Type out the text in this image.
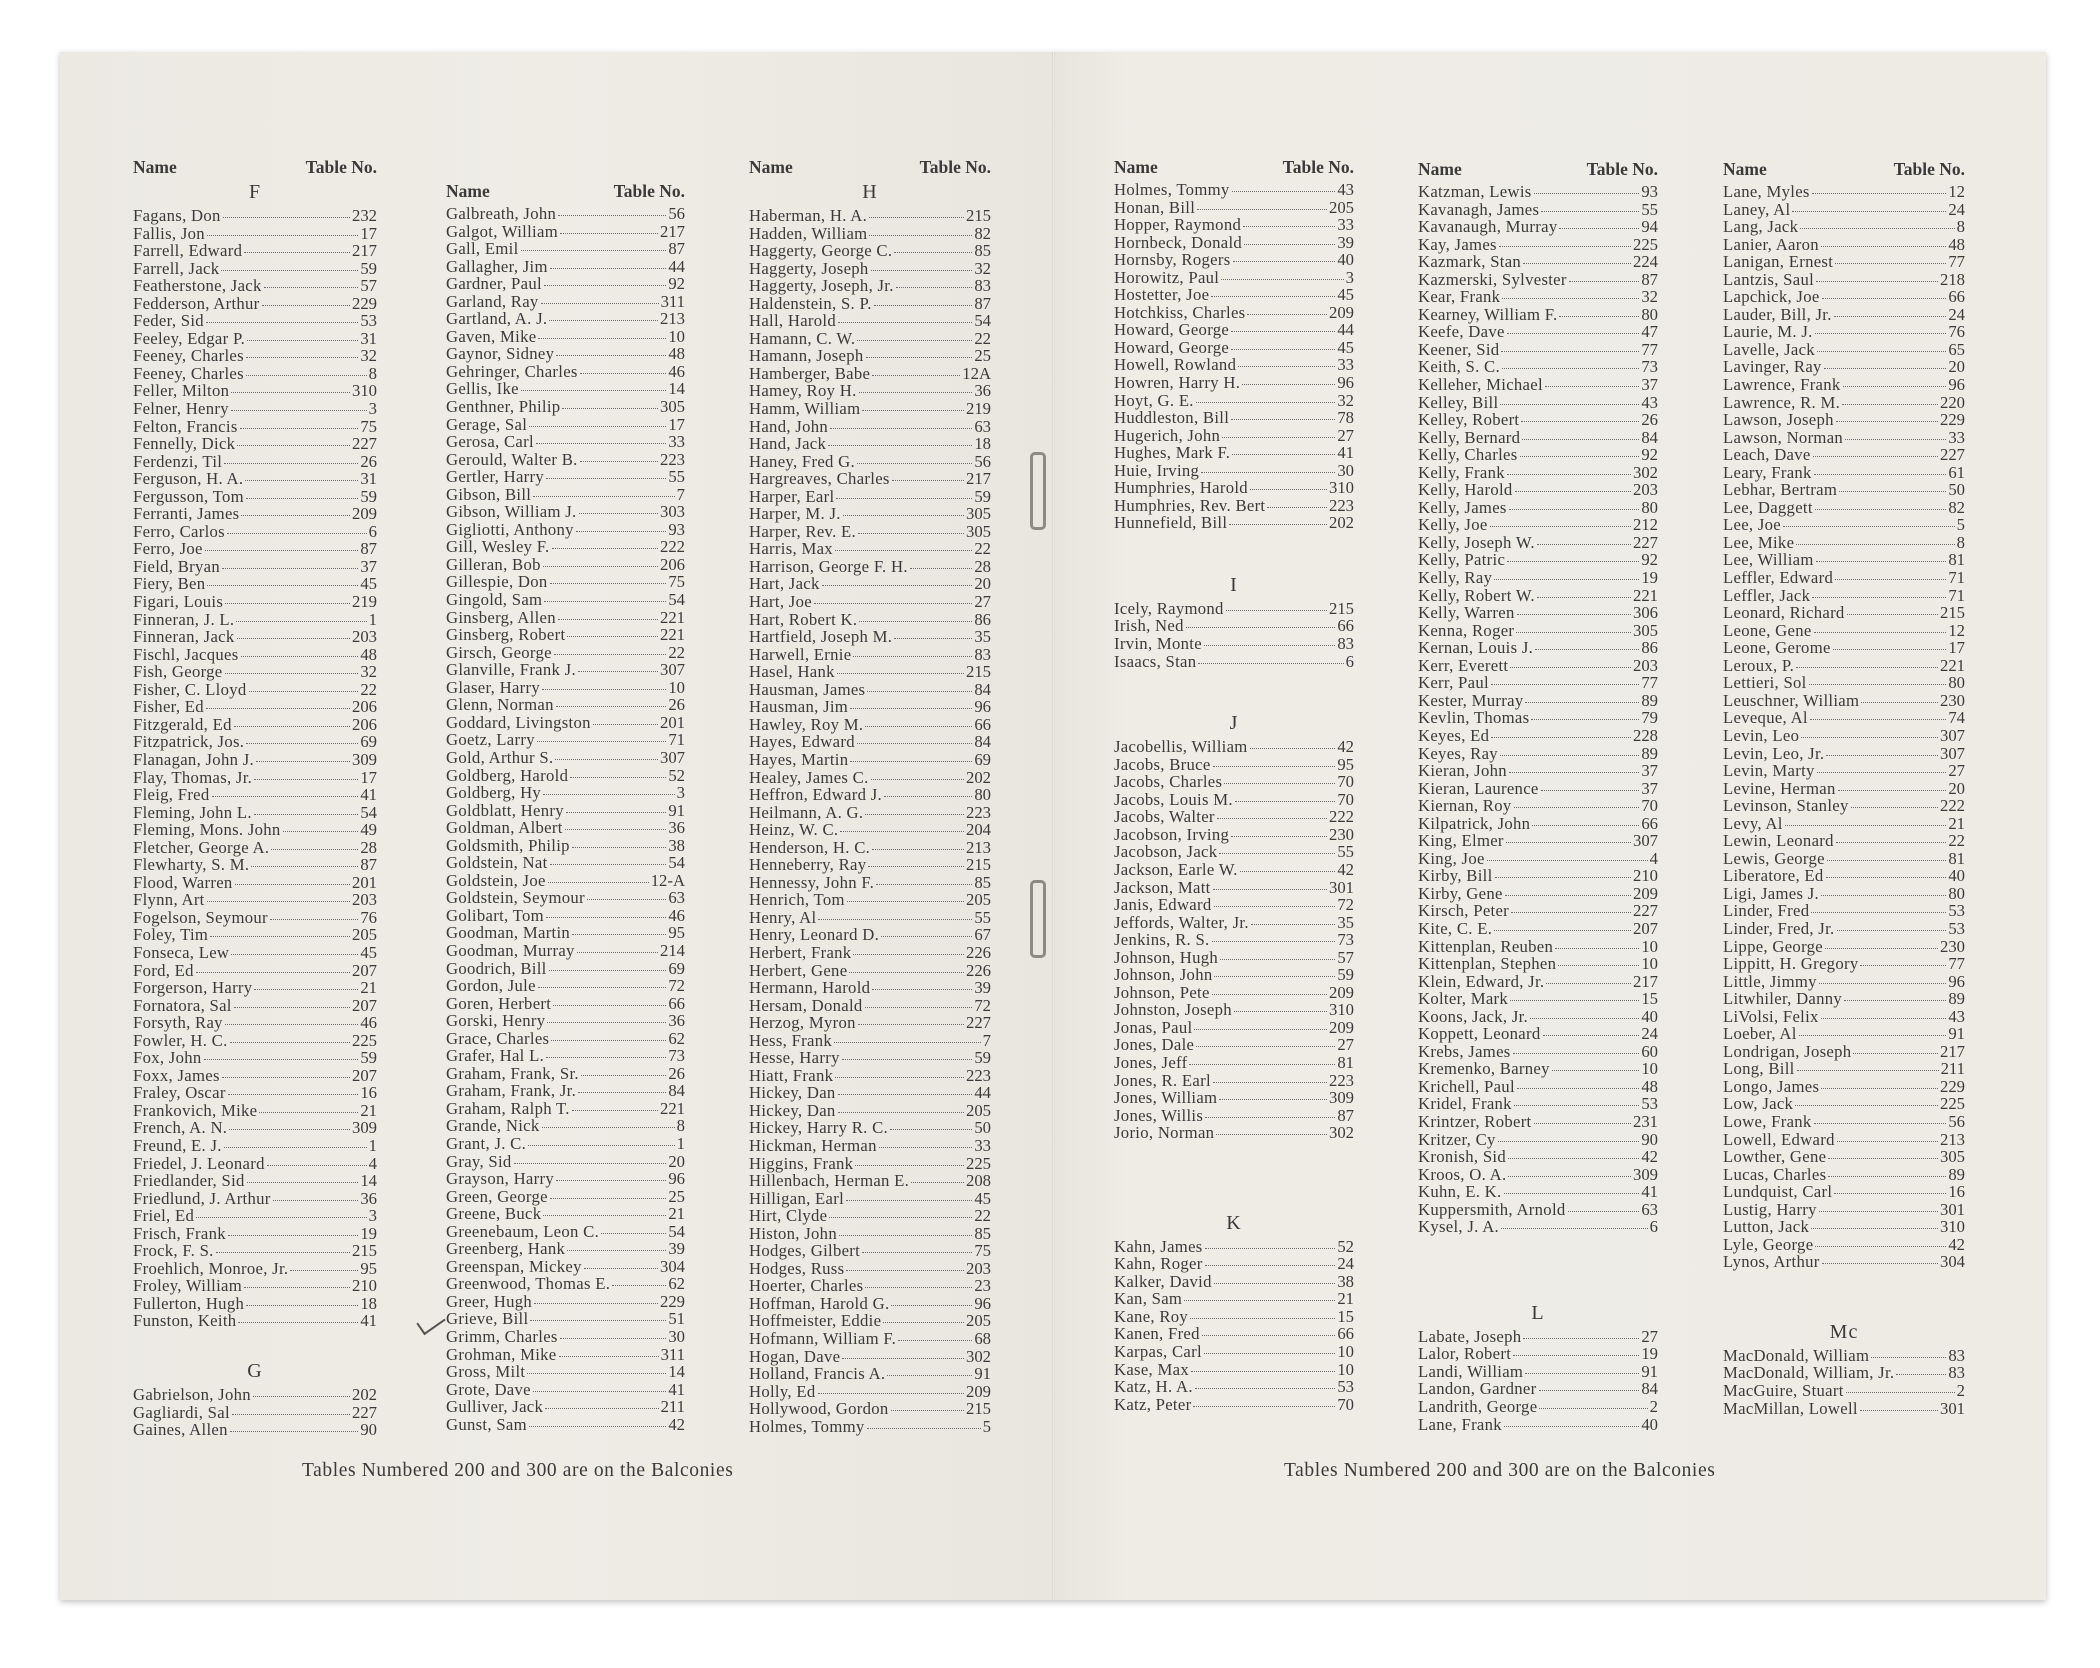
Name	Table No.
F
Fagans, Don	232
Fallis, Jon	17
Farrell, Edward	217
Farrell, Jack	59
Featherstone, Jack	57
Fedderson, Arthur	229
Feder, Sid	53
Feeley, Edgar P.	31
Feeney, Charles	32
Feeney, Charles	8
Feller, Milton	310
Felner, Henry	3
Felton, Francis	75
Fennelly, Dick	227
Ferdenzi, Til	26
Ferguson, H. A.	31
Fergusson, Tom	59
Ferranti, James	209
Ferro, Carlos	6
Ferro, Joe	87
Field, Bryan	37
Fiery, Ben	45
Figari, Louis	219
Finneran, J. L.	1
Finneran, Jack	203
Fischl, Jacques	48
Fish, George	32
Fisher, C. Lloyd	22
Fisher, Ed	206
Fitzgerald, Ed	206
Fitzpatrick, Jos.	69
Flanagan, John J.	309
Flay, Thomas, Jr.	17
Fleig, Fred	41
Fleming, John L.	54
Fleming, Mons. John	49
Fletcher, George A.	28
Flewharty, S. M.	87
Flood, Warren	201
Flynn, Art	203
Fogelson, Seymour	76
Foley, Tim	205
Fonseca, Lew	45
Ford, Ed	207
Forgerson, Harry	21
Fornatora, Sal	207
Forsyth, Ray	46
Fowler, H. C.	225
Fox, John	59
Foxx, James	207
Fraley, Oscar	16
Frankovich, Mike	21
French, A. N.	309
Freund, E. J.	1
Friedel, J. Leonard	4
Friedlander, Sid	14
Friedlund, J. Arthur	36
Friel, Ed	3
Frisch, Frank	19
Frock, F. S.	215
Froehlich, Monroe, Jr.	95
Froley, William	210
Fullerton, Hugh	18
Funston, Keith	41
G
Gabrielson, John	202
Gagliardi, Sal	227
Gaines, Allen	90
Name	Table No.
Galbreath, John	56
Galgot, William	217
Gall, Emil	87
Gallagher, Jim	44
Gardner, Paul	92
Garland, Ray	311
Gartland, A. J.	213
Gaven, Mike	10
Gaynor, Sidney	48
Gehringer, Charles	46
Gellis, Ike	14
Genthner, Philip	305
Gerage, Sal	17
Gerosa, Carl	33
Gerould, Walter B.	223
Gertler, Harry	55
Gibson, Bill	7
Gibson, William J.	303
Gigliotti, Anthony	93
Gill, Wesley F.	222
Gilleran, Bob	206
Gillespie, Don	75
Gingold, Sam	54
Ginsberg, Allen	221
Ginsberg, Robert	221
Girsch, George	22
Glanville, Frank J.	307
Glaser, Harry	10
Glenn, Norman	26
Goddard, Livingston	201
Goetz, Larry	71
Gold, Arthur S.	307
Goldberg, Harold	52
Goldberg, Hy	3
Goldblatt, Henry	91
Goldman, Albert	36
Goldsmith, Philip	38
Goldstein, Nat	54
Goldstein, Joe	12-A
Goldstein, Seymour	63
Golibart, Tom	46
Goodman, Martin	95
Goodman, Murray	214
Goodrich, Bill	69
Gordon, Jule	72
Goren, Herbert	66
Gorski, Henry	36
Grace, Charles	62
Grafer, Hal L.	73
Graham, Frank, Sr.	26
Graham, Frank, Jr.	84
Graham, Ralph T.	221
Grande, Nick	8
Grant, J. C.	1
Gray, Sid	20
Grayson, Harry	96
Green, George	25
Greene, Buck	21
Greenebaum, Leon C.	54
Greenberg, Hank	39
Greenspan, Mickey	304
Greenwood, Thomas E.	62
Greer, Hugh	229
Grieve, Bill	51
Grimm, Charles	30
Grohman, Mike	311
Gross, Milt	14
Grote, Dave	41
Gulliver, Jack	211
Gunst, Sam	42
Name	Table No.
H
Haberman, H. A.	215
Hadden, William	82
Haggerty, George C.	85
Haggerty, Joseph	32
Haggerty, Joseph, Jr.	83
Haldenstein, S. P.	87
Hall, Harold	54
Hamann, C. W.	22
Hamann, Joseph	25
Hamberger, Babe	12A
Hamey, Roy H.	36
Hamm, William	219
Hand, John	63
Hand, Jack	18
Haney, Fred G.	56
Hargreaves, Charles	217
Harper, Earl	59
Harper, M. J.	305
Harper, Rev. E.	305
Harris, Max	22
Harrison, George F. H.	28
Hart, Jack	20
Hart, Joe	27
Hart, Robert K.	86
Hartfield, Joseph M.	35
Harwell, Ernie	83
Hasel, Hank	215
Hausman, James	84
Hausman, Jim	96
Hawley, Roy M.	66
Hayes, Edward	84
Hayes, Martin	69
Healey, James C.	202
Heffron, Edward J.	80
Heilmann, A. G.	223
Heinz, W. C.	204
Henderson, H. C.	213
Henneberry, Ray	215
Hennessy, John F.	85
Henrich, Tom	205
Henry, Al	55
Henry, Leonard D.	67
Herbert, Frank	226
Herbert, Gene	226
Hermann, Harold	39
Hersam, Donald	72
Herzog, Myron	227
Hess, Frank	7
Hesse, Harry	59
Hiatt, Frank	223
Hickey, Dan	44
Hickey, Dan	205
Hickey, Harry R. C.	50
Hickman, Herman	33
Higgins, Frank	225
Hillenbach, Herman E.	208
Hilligan, Earl	45
Hirt, Clyde	22
Histon, John	85
Hodges, Gilbert	75
Hodges, Russ	203
Hoerter, Charles	23
Hoffman, Harold G.	96
Hoffmeister, Eddie	205
Hofmann, William F.	68
Hogan, Dave	302
Holland, Francis A.	91
Holly, Ed	209
Hollywood, Gordon	215
Holmes, Tommy	5
Name	Table No.
Holmes, Tommy	43
Honan, Bill	205
Hopper, Raymond	33
Hornbeck, Donald	39
Hornsby, Rogers	40
Horowitz, Paul	3
Hostetter, Joe	45
Hotchkiss, Charles	209
Howard, George	44
Howard, George	45
Howell, Rowland	33
Howren, Harry H.	96
Hoyt, G. E.	32
Huddleston, Bill	78
Hugerich, John	27
Hughes, Mark F.	41
Huie, Irving	30
Humphries, Harold	310
Humphries, Rev. Bert	223
Hunnefield, Bill	202
I
Icely, Raymond	215
Irish, Ned	66
Irvin, Monte	83
Isaacs, Stan	6
J
Jacobellis, William	42
Jacobs, Bruce	95
Jacobs, Charles	70
Jacobs, Louis M.	70
Jacobs, Walter	222
Jacobson, Irving	230
Jacobson, Jack	55
Jackson, Earle W.	42
Jackson, Matt	301
Janis, Edward	72
Jeffords, Walter, Jr.	35
Jenkins, R. S.	73
Johnson, Hugh	57
Johnson, John	59
Johnson, Pete	209
Johnston, Joseph	310
Jonas, Paul	209
Jones, Dale	27
Jones, Jeff	81
Jones, R. Earl	223
Jones, William	309
Jones, Willis	87
Jorio, Norman	302
K
Kahn, James	52
Kahn, Roger	24
Kalker, David	38
Kan, Sam	21
Kane, Roy	15
Kanen, Fred	66
Karpas, Carl	10
Kase, Max	10
Katz, H. A.	53
Katz, Peter	70
Name	Table No.
Katzman, Lewis	93
Kavanagh, James	55
Kavanaugh, Murray	94
Kay, James	225
Kazmark, Stan	224
Kazmerski, Sylvester	87
Kear, Frank	32
Kearney, William F.	80
Keefe, Dave	47
Keener, Sid	77
Keith, S. C.	73
Kelleher, Michael	37
Kelley, Bill	43
Kelley, Robert	26
Kelly, Bernard	84
Kelly, Charles	92
Kelly, Frank	302
Kelly, Harold	203
Kelly, James	80
Kelly, Joe	212
Kelly, Joseph W.	227
Kelly, Patric	92
Kelly, Ray	19
Kelly, Robert W.	221
Kelly, Warren	306
Kenna, Roger	305
Kernan, Louis J.	86
Kerr, Everett	203
Kerr, Paul	77
Kester, Murray	89
Kevlin, Thomas	79
Keyes, Ed	228
Keyes, Ray	89
Kieran, John	37
Kieran, Laurence	37
Kiernan, Roy	70
Kilpatrick, John	66
King, Elmer	307
King, Joe	4
Kirby, Bill	210
Kirby, Gene	209
Kirsch, Peter	227
Kite, C. E.	207
Kittenplan, Reuben	10
Kittenplan, Stephen	10
Klein, Edward, Jr.	217
Kolter, Mark	15
Koons, Jack, Jr.	40
Koppett, Leonard	24
Krebs, James	60
Kremenko, Barney	10
Krichell, Paul	48
Kridel, Frank	53
Krintzer, Robert	231
Kritzer, Cy	90
Kronish, Sid	42
Kroos, O. A.	309
Kuhn, E. K.	41
Kuppersmith, Arnold	63
Kysel, J. A.	6
L
Labate, Joseph	27
Lalor, Robert	19
Landi, William	91
Landon, Gardner	84
Landrith, George	2
Lane, Frank	40
Name	Table No.
Lane, Myles	12
Laney, Al	24
Lang, Jack	8
Lanier, Aaron	48
Lanigan, Ernest	77
Lantzis, Saul	218
Lapchick, Joe	66
Lauder, Bill, Jr.	24
Laurie, M. J.	76
Lavelle, Jack	65
Lavinger, Ray	20
Lawrence, Frank	96
Lawrence, R. M.	220
Lawson, Joseph	229
Lawson, Norman	33
Leach, Dave	227
Leary, Frank	61
Lebhar, Bertram	50
Lee, Daggett	82
Lee, Joe	5
Lee, Mike	8
Lee, William	81
Leffler, Edward	71
Leffler, Jack	71
Leonard, Richard	215
Leone, Gene	12
Leone, Gerome	17
Leroux, P.	221
Lettieri, Sol	80
Leuschner, William	230
Leveque, Al	74
Levin, Leo	307
Levin, Leo, Jr.	307
Levin, Marty	27
Levine, Herman	20
Levinson, Stanley	222
Levy, Al	21
Lewin, Leonard	22
Lewis, George	81
Liberatore, Ed	40
Ligi, James J.	80
Linder, Fred	53
Linder, Fred, Jr.	53
Lippe, George	230
Lippitt, H. Gregory	77
Little, Jimmy	96
Litwhiler, Danny	89
LiVolsi, Felix	43
Loeber, Al	91
Londrigan, Joseph	217
Long, Bill	211
Longo, James	229
Low, Jack	225
Lowe, Frank	56
Lowell, Edward	213
Lowther, Gene	305
Lucas, Charles	89
Lundquist, Carl	16
Lustig, Harry	301
Lutton, Jack	310
Lyle, George	42
Lynos, Arthur	304
Mc
MacDonald, William	83
MacDonald, William, Jr.	83
MacGuire, Stuart	2
MacMillan, Lowell	301
Tables Numbered 200 and 300 are on the Balconies	Tables Numbered 200 and 300 are on the Balconies
